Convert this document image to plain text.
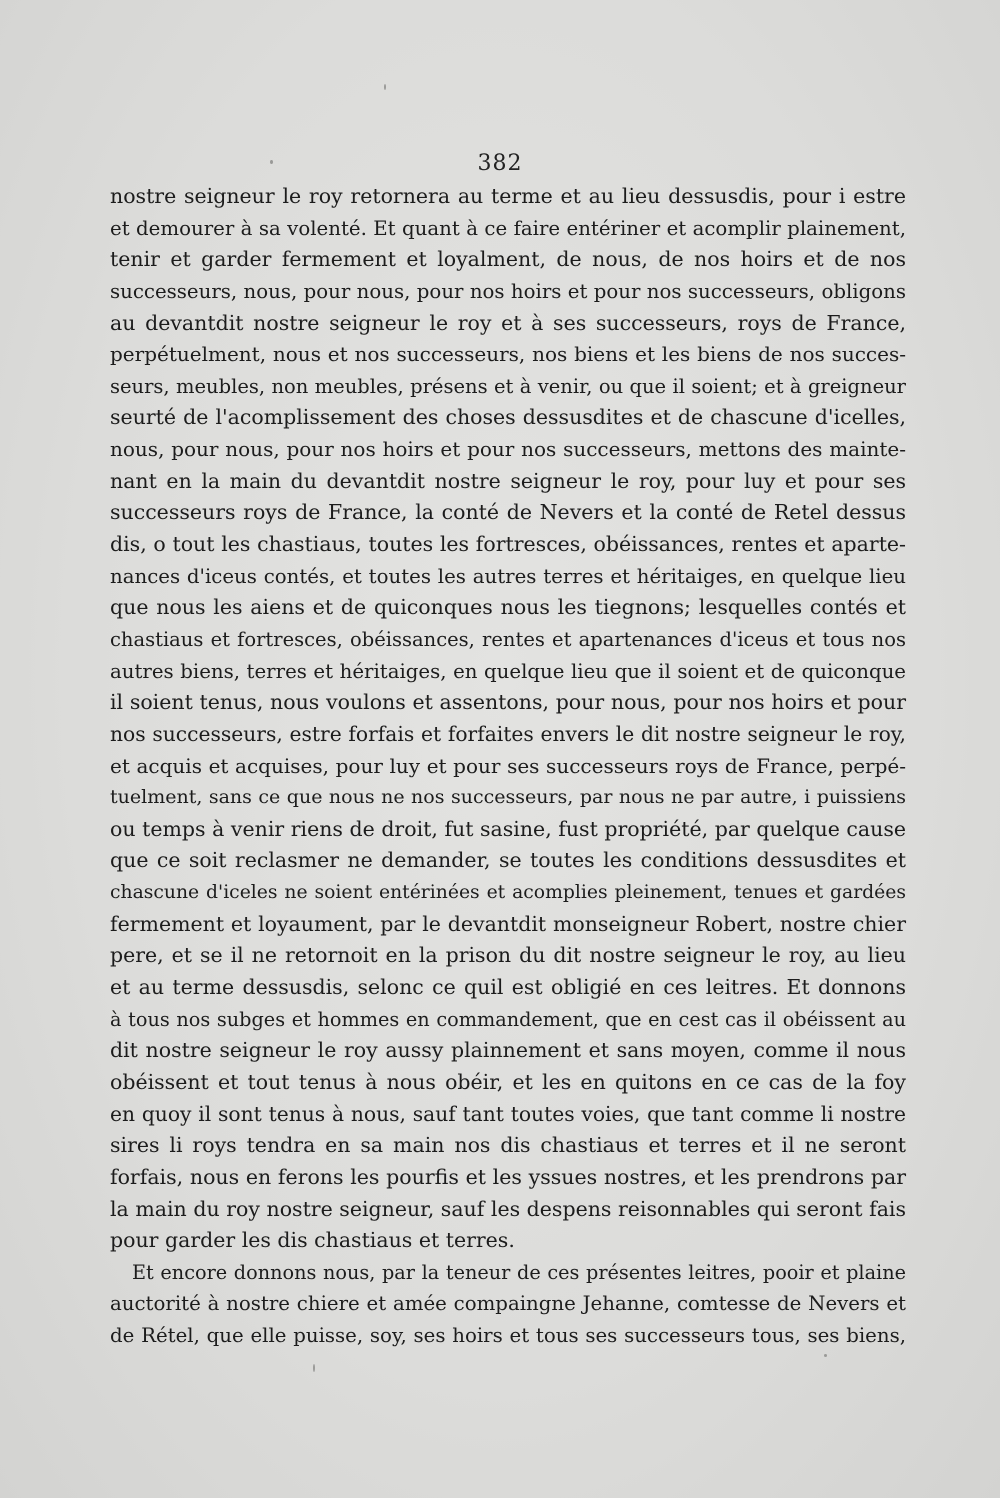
382
nostre seigneur le roy retornera au terme et au lieu dessusdis, pour i estre
et demourer à sa volenté. Et quant à ce faire entériner et acomplir plainement,
tenir et garder fermement et loyalment, de nous, de nos hoirs et de nos
successeurs, nous, pour nous, pour nos hoirs et pour nos successeurs, obligons
au devantdit nostre seigneur le roy et à ses successeurs, roys de France,
perpétuelment, nous et nos successeurs, nos biens et les biens de nos succes-
seurs, meubles, non meubles, présens et à venir, ou que il soient; et à greigneur
seurté de l'acomplissement des choses dessusdites et de chascune d'icelles,
nous, pour nous, pour nos hoirs et pour nos successeurs, mettons des mainte-
nant en la main du devantdit nostre seigneur le roy, pour luy et pour ses
successeurs roys de France, la conté de Nevers et la conté de Retel dessus
dis, o tout les chastiaus, toutes les fortresces, obéissances, rentes et aparte-
nances d'iceus contés, et toutes les autres terres et héritaiges, en quelque lieu
que nous les aiens et de quiconques nous les tiegnons; lesquelles contés et
chastiaus et fortresces, obéissances, rentes et apartenances d'iceus et tous nos
autres biens, terres et héritaiges, en quelque lieu que il soient et de quiconque
il soient tenus, nous voulons et assentons, pour nous, pour nos hoirs et pour
nos successeurs, estre forfais et forfaites envers le dit nostre seigneur le roy,
et acquis et acquises, pour luy et pour ses successeurs roys de France, perpé-
tuelment, sans ce que nous ne nos successeurs, par nous ne par autre, i puissiens
ou temps à venir riens de droit, fut sasine, fust propriété, par quelque cause
que ce soit reclasmer ne demander, se toutes les conditions dessusdites et
chascune d'iceles ne soient entérinées et acomplies pleinement, tenues et gardées
fermement et loyaument, par le devantdit monseigneur Robert, nostre chier
pere, et se il ne retornoit en la prison du dit nostre seigneur le roy, au lieu
et au terme dessusdis, selonc ce quil est obligié en ces leitres. Et donnons
à tous nos subges et hommes en commandement, que en cest cas il obéissent au
dit nostre seigneur le roy aussy plainnement et sans moyen, comme il nous
obéissent et tout tenus à nous obéir, et les en quitons en ce cas de la foy
en quoy il sont tenus à nous, sauf tant toutes voies, que tant comme li nostre
sires li roys tendra en sa main nos dis chastiaus et terres et il ne seront
forfais, nous en ferons les pourfis et les yssues nostres, et les prendrons par
la main du roy nostre seigneur, sauf les despens reisonnables qui seront fais
pour garder les dis chastiaus et terres.
Et encore donnons nous, par la teneur de ces présentes leitres, pooir et plaine
auctorité à nostre chiere et amée compaingne Jehanne, comtesse de Nevers et
de Rétel, que elle puisse, soy, ses hoirs et tous ses successeurs tous, ses biens,
